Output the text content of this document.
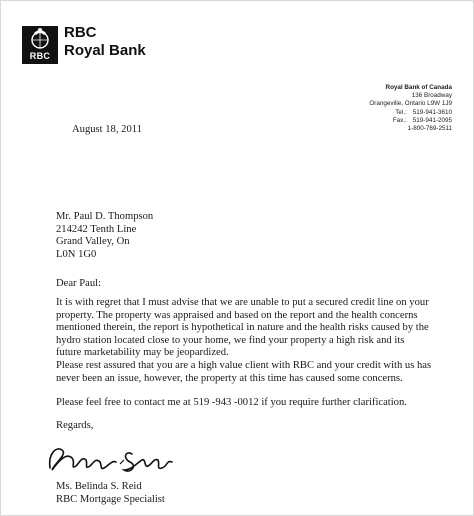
RBC
RBC
Royal Bank
Royal Bank of Canada
136 Broadway
Orangeville, Ontario L9W 1J9
Tel.: 519-941-3610
Fax.: 519-941-2095
1-800-769-2511
August 18, 2011
Mr. Paul D. Thompson
214242 Tenth Line
Grand Valley, On
L0N 1G0
Dear Paul:

It is with regret that I must advise that we are unable to put a secured credit line on your property. The property was appraised and based on the report and the health concerns mentioned therein, the report is hypothetical in nature and the health risks caused by the hydro station located close to your home, we find your property a high risk and its future marketability may be jeopardized.

Please rest assured that you are a high value client with RBC and your credit with us has never been an issue, however, the property at this time has caused some concerns.

Please feel free to contact me at 519 -943 -0012 if you require further clarification.

Regards,
Ms. Belinda S. Reid
RBC Mortgage Specialist
